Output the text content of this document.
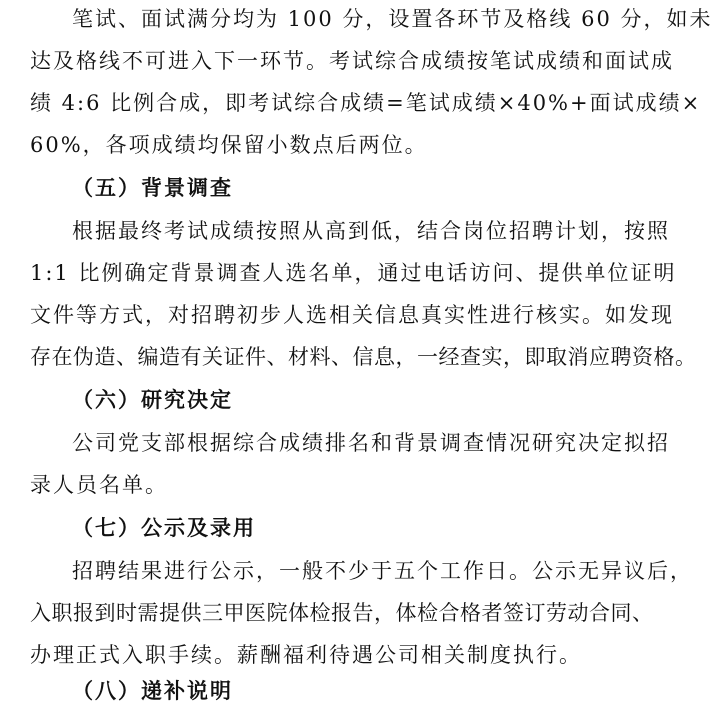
笔试、面试满分均为 100 分，设置各环节及格线 60 分，如未
达及格线不可进入下一环节。考试综合成绩按笔试成绩和面试成
绩 4:6 比例合成，即考试综合成绩=笔试成绩×40%+面试成绩×
60%，各项成绩均保留小数点后两位。
（五）背景调查
根据最终考试成绩按照从高到低，结合岗位招聘计划，按照
1:1 比例确定背景调查人选名单，通过电话访问、提供单位证明
文件等方式，对招聘初步人选相关信息真实性进行核实。如发现
存在伪造、编造有关证件、材料、信息，一经查实，即取消应聘资格。
（六）研究决定
公司党支部根据综合成绩排名和背景调查情况研究决定拟招
录人员名单。
（七）公示及录用
招聘结果进行公示，一般不少于五个工作日。公示无异议后，
入职报到时需提供三甲医院体检报告，体检合格者签订劳动合同、
办理正式入职手续。薪酬福利待遇公司相关制度执行。
（八）递补说明
